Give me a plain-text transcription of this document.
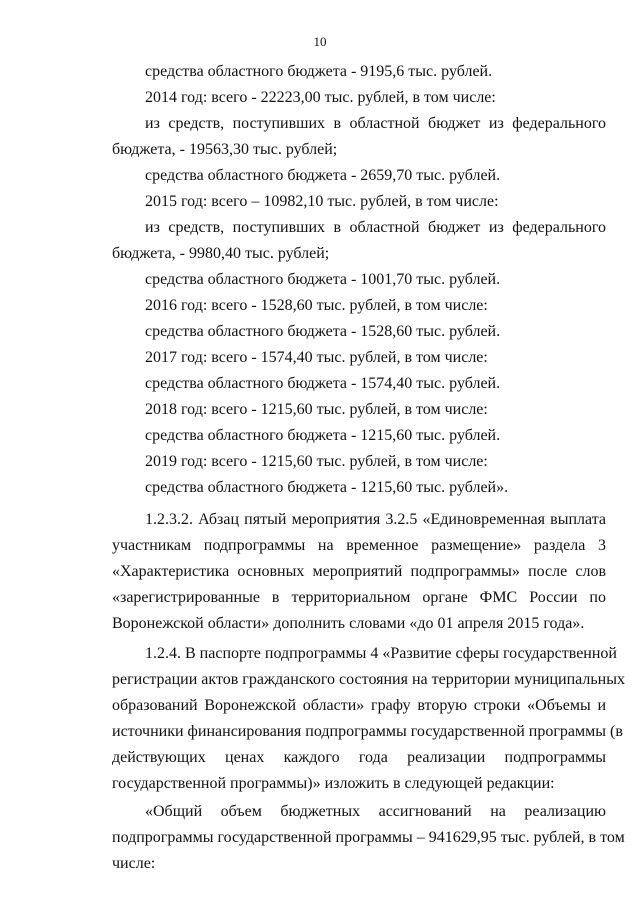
10
средства областного бюджета - 9195,6 тыс. рублей.
2014 год: всего - 22223,00 тыс. рублей, в том числе:
из средств, поступивших в областной бюджет из федерального
бюджета, - 19563,30 тыс. рублей;
средства областного бюджета - 2659,70 тыс. рублей.
2015 год: всего – 10982,10 тыс. рублей, в том числе:
из средств, поступивших в областной бюджет из федерального
бюджета, - 9980,40 тыс. рублей;
средства областного бюджета - 1001,70 тыс. рублей.
2016 год: всего - 1528,60 тыс. рублей, в том числе:
средства областного бюджета - 1528,60 тыс. рублей.
2017 год: всего - 1574,40 тыс. рублей, в том числе:
средства областного бюджета - 1574,40 тыс. рублей.
2018 год: всего - 1215,60 тыс. рублей, в том числе:
средства областного бюджета - 1215,60 тыс. рублей.
2019 год: всего - 1215,60 тыс. рублей, в том числе:
средства областного бюджета - 1215,60 тыс. рублей».
1.2.3.2. Абзац пятый мероприятия 3.2.5 «Единовременная выплата
участникам подпрограммы на временное размещение» раздела 3
«Характеристика основных мероприятий подпрограммы» после слов
«зарегистрированные в территориальном органе ФМС России по
Воронежской области» дополнить словами «до 01 апреля 2015 года».
1.2.4. В паспорте подпрограммы 4 «Развитие сферы государственной
регистрации актов гражданского состояния на территории муниципальных
образований Воронежской области» графу вторую строки «Объемы и
источники финансирования подпрограммы государственной программы (в
действующих ценах каждого года реализации подпрограммы
государственной программы)» изложить в следующей редакции:
«Общий объем бюджетных ассигнований на реализацию
подпрограммы государственной программы – 941629,95 тыс. рублей, в том
числе:
